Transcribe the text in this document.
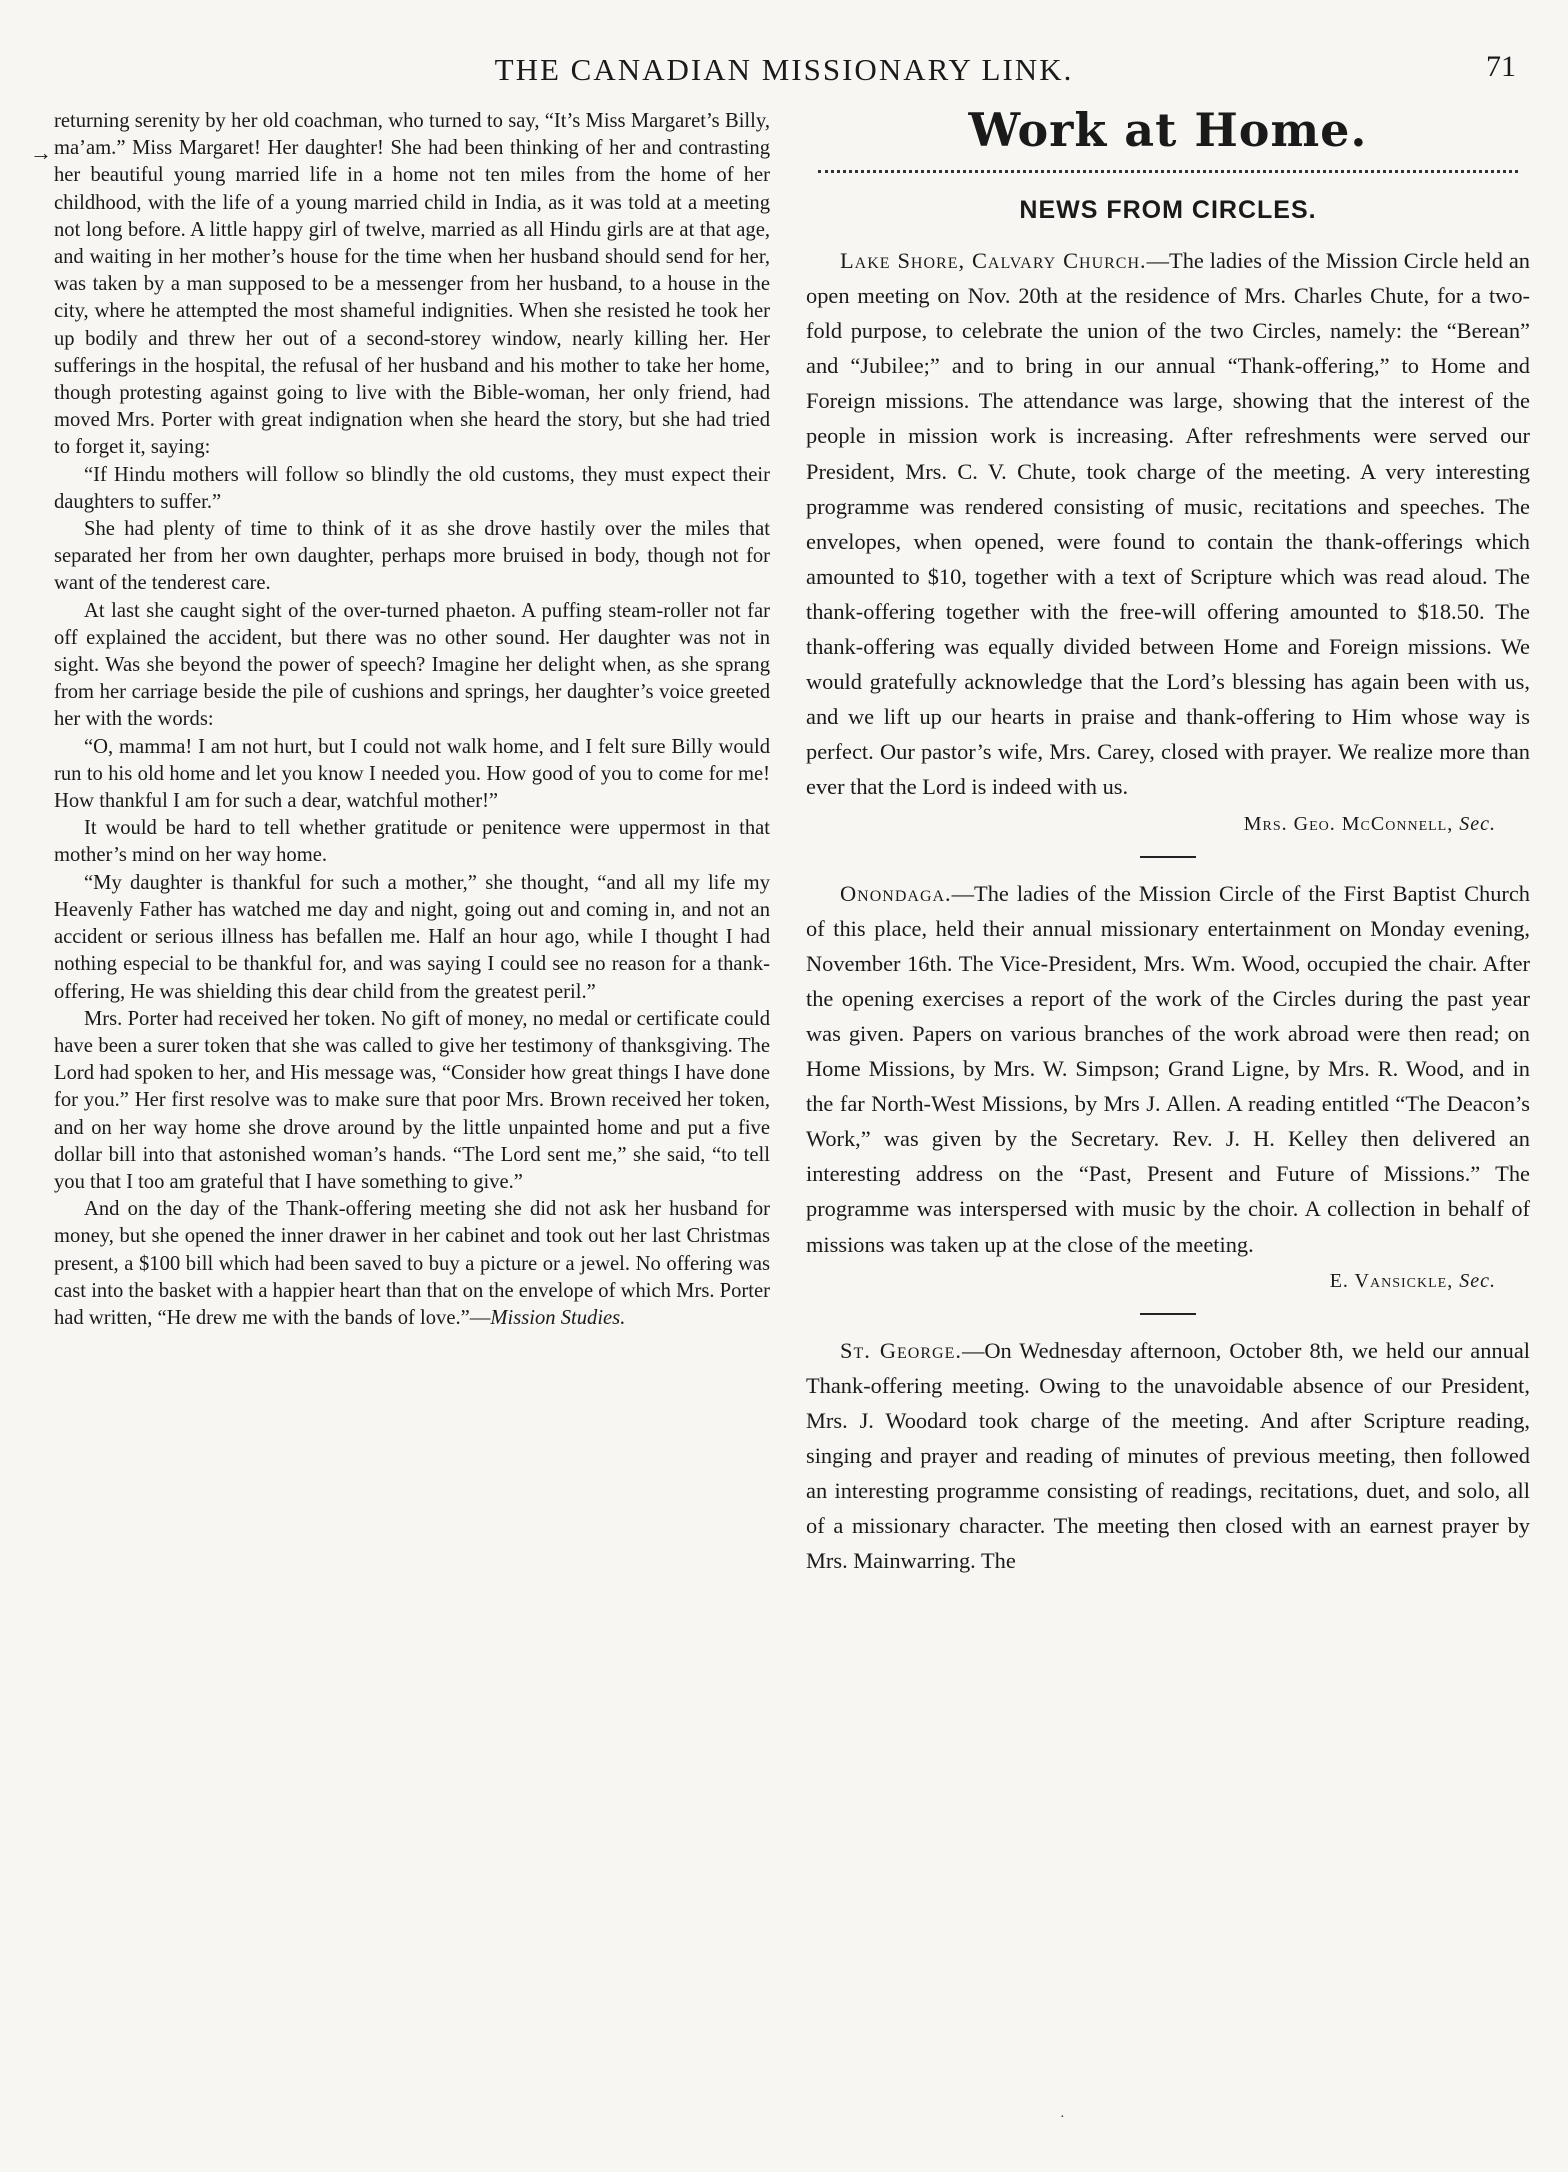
THE CANADIAN MISSIONARY LINK.	71
→

returning serenity by her old coachman, who turned to say, “It’s Miss Margaret’s Billy, ma’am.” Miss Margaret! Her daughter! She had been thinking of her and contrasting her beautiful young married life in a home not ten miles from the home of her childhood, with the life of a young married child in India, as it was told at a meeting not long before. A little happy girl of twelve, married as all Hindu girls are at that age, and waiting in her mother’s house for the time when her husband should send for her, was taken by a man supposed to be a messenger from her husband, to a house in the city, where he attempted the most shameful indignities. When she resisted he took her up bodily and threw her out of a second-storey window, nearly killing her. Her sufferings in the hospital, the refusal of her husband and his mother to take her home, though protesting against going to live with the Bible-woman, her only friend, had moved Mrs. Porter with great indignation when she heard the story, but she had tried to forget it, saying:

“If Hindu mothers will follow so blindly the old customs, they must expect their daughters to suffer.”

She had plenty of time to think of it as she drove hastily over the miles that separated her from her own daughter, perhaps more bruised in body, though not for want of the tenderest care.

At last she caught sight of the over-turned phaeton. A puffing steam-roller not far off explained the accident, but there was no other sound. Her daughter was not in sight. Was she beyond the power of speech? Imagine her delight when, as she sprang from her carriage beside the pile of cushions and springs, her daughter’s voice greeted her with the words:

“O, mamma! I am not hurt, but I could not walk home, and I felt sure Billy would run to his old home and let you know I needed you. How good of you to come for me! How thankful I am for such a dear, watchful mother!”

It would be hard to tell whether gratitude or penitence were uppermost in that mother’s mind on her way home.

“My daughter is thankful for such a mother,” she thought, “and all my life my Heavenly Father has watched me day and night, going out and coming in, and not an accident or serious illness has befallen me. Half an hour ago, while I thought I had nothing especial to be thankful for, and was saying I could see no reason for a thank-offering, He was shielding this dear child from the greatest peril.”

Mrs. Porter had received her token. No gift of money, no medal or certificate could have been a surer token that she was called to give her testimony of thanksgiving. The Lord had spoken to her, and His message was, “Consider how great things I have done for you.” Her first resolve was to make sure that poor Mrs. Brown received her token, and on her way home she drove around by the little unpainted home and put a five dollar bill into that astonished woman’s hands. “The Lord sent me,” she said, “to tell you that I too am grateful that I have something to give.”

And on the day of the Thank-offering meeting she did not ask her husband for money, but she opened the inner drawer in her cabinet and took out her last Christmas present, a $100 bill which had been saved to buy a picture or a jewel. No offering was cast into the basket with a happier heart than that on the envelope of which Mrs. Porter had written, “He drew me with the bands of love.”—Mission Studies.

Work at Home.
NEWS FROM CIRCLES.

Lake Shore, Calvary Church.—The ladies of the Mission Circle held an open meeting on Nov. 20th at the residence of Mrs. Charles Chute, for a two-fold purpose, to celebrate the union of the two Circles, namely: the “Berean” and “Jubilee;” and to bring in our annual “Thank-offering,” to Home and Foreign missions. The attendance was large, showing that the interest of the people in mission work is increasing. After refreshments were served our President, Mrs. C. V. Chute, took charge of the meeting. A very interesting programme was rendered consisting of music, recitations and speeches. The envelopes, when opened, were found to contain the thank-offerings which amounted to $10, together with a text of Scripture which was read aloud. The thank-offering together with the free-will offering amounted to $18.50. The thank-offering was equally divided between Home and Foreign missions. We would gratefully acknowledge that the Lord’s blessing has again been with us, and we lift up our hearts in praise and thank-offering to Him whose way is perfect. Our pastor’s wife, Mrs. Carey, closed with prayer. We realize more than ever that the Lord is indeed with us.

Mrs. Geo. McConnell, Sec.

Onondaga.—The ladies of the Mission Circle of the First Baptist Church of this place, held their annual missionary entertainment on Monday evening, November 16th. The Vice-President, Mrs. Wm. Wood, occupied the chair. After the opening exercises a report of the work of the Circles during the past year was given. Papers on various branches of the work abroad were then read; on Home Missions, by Mrs. W. Simpson; Grand Ligne, by Mrs. R. Wood, and in the far North-West Missions, by Mrs J. Allen. A reading entitled “The Deacon’s Work,” was given by the Secretary. Rev. J. H. Kelley then delivered an interesting address on the “Past, Present and Future of Missions.” The programme was interspersed with music by the choir. A collection in behalf of missions was taken up at the close of the meeting.

E. Vansickle, Sec.

St. George.—On Wednesday afternoon, October 8th, we held our annual Thank-offering meeting. Owing to the unavoidable absence of our President, Mrs. J. Woodard took charge of the meeting. And after Scripture reading, singing and prayer and reading of minutes of previous meeting, then followed an interesting programme consisting of readings, recitations, duet, and solo, all of a missionary character. The meeting then closed with an earnest prayer by Mrs. Mainwarring. The

·
